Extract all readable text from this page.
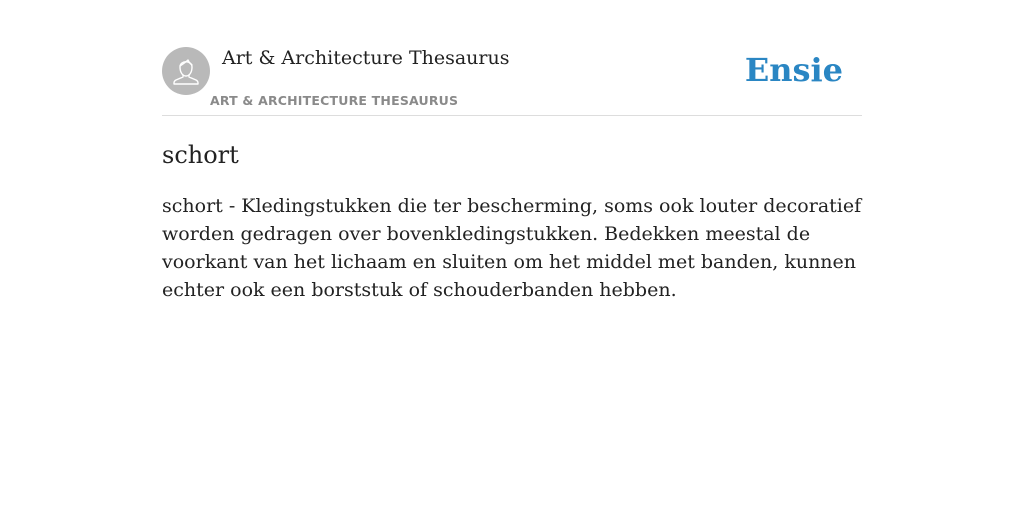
Art & Architecture Thesaurus
ART & ARCHITECTURE THESAURUS
Ensie
schort
schort - Kledingstukken die ter bescherming, soms ook louter decoratief worden gedragen over bovenkledingstukken. Bedekken meestal de voorkant van het lichaam en sluiten om het middel met banden, kunnen echter ook een borststuk of schouderbanden hebben.
